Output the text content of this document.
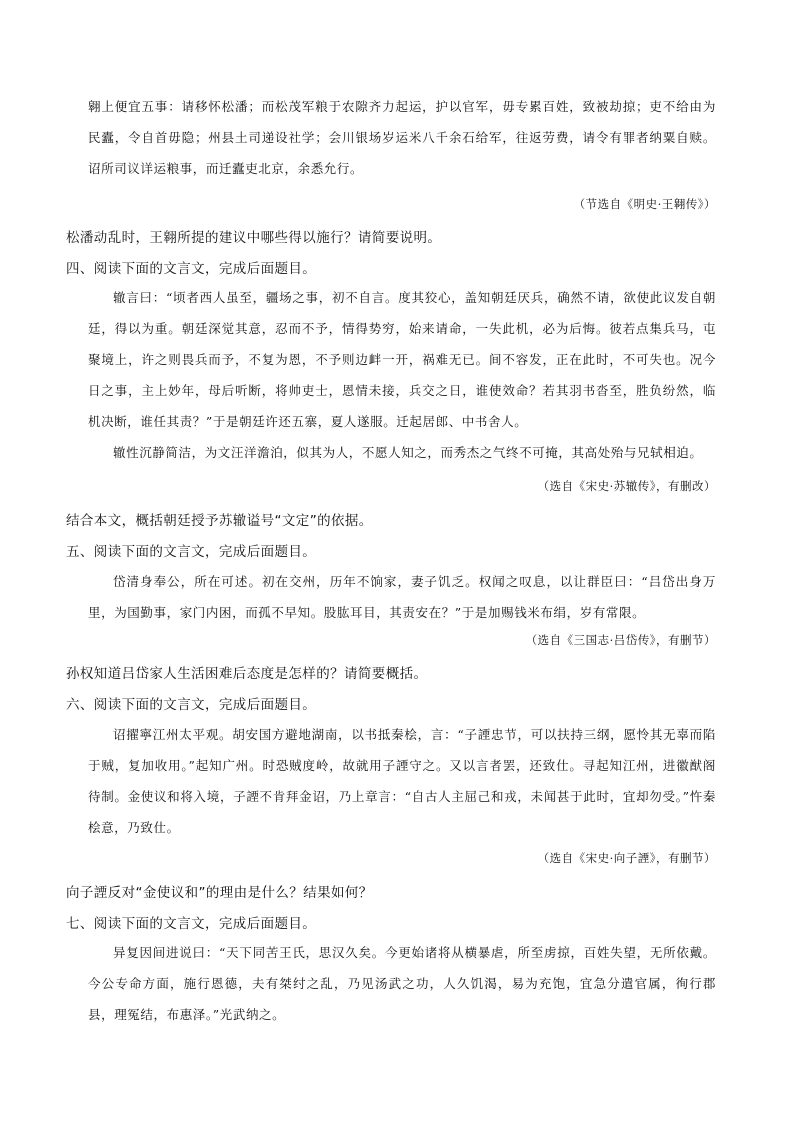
翱上便宜五事：请移怀松潘；而松茂军粮于农隙齐力起运，护以官军，毋专累百姓，致被劫掠；吏不给由为民蠹，令自首毋隐；州县土司递设社学；会川银场岁运米八千余石给军，往返劳费，请令有罪者纳粟自赎。诏所司议详运粮事，而迁蠹吏北京，余悉允行。
（节选自《明史·王翱传》）
松潘动乱时，王翱所提的建议中哪些得以施行？请简要说明。
四、阅读下面的文言文，完成后面题目。
辙言曰：“顷者西人虽至，疆场之事，初不自言。度其狡心，盖知朝廷厌兵，确然不请，欲使此议发自朝廷，得以为重。朝廷深觉其意，忍而不予，情得势穷，始来请命，一失此机，必为后悔。彼若点集兵马，屯聚境上，许之则畏兵而予，不复为恩，不予则边衅一开，祸难无已。间不容发，正在此时，不可失也。况今日之事，主上妙年，母后听断，将帅吏士，恩情未接，兵交之日，谁使效命？若其羽书沓至，胜负纷然，临机决断，谁任其责？”于是朝廷许还五寨，夏人遂服。迁起居郎、中书舍人。
辙性沉静简洁，为文汪洋澹泊，似其为人，不愿人知之，而秀杰之气终不可掩，其高处殆与兄轼相迫。
（选自《宋史·苏辙传》，有删改）
结合本文，概括朝廷授予苏辙谥号“文定”的依据。
五、阅读下面的文言文，完成后面题目。
岱清身奉公，所在可述。初在交州，历年不饷家，妻子饥乏。权闻之叹息，以让群臣曰：“吕岱出身万里，为国勤事，家门内困，而孤不早知。股肱耳目，其责安在？”于是加赐钱米布绢，岁有常限。
（选自《三国志·吕岱传》，有删节）
孙权知道吕岱家人生活困难后态度是怎样的？请简要概括。
六、阅读下面的文言文，完成后面题目。
诏擢寧江州太平观。胡安国方避地湖南，以书抵秦桧，言：“子諲忠节，可以扶持三纲，愿怜其无辜而陷于贼，复加收用。”起知广州。时恐贼度岭，故就用子諲守之。又以言者罢，还致仕。寻起知江州，进徽猷阁待制。金使议和将入境，子諲不肯拜金诏，乃上章言：“自古人主屈己和戎，未闻甚于此时，宜却勿受。”忤秦桧意，乃致仕。
（选自《宋史·向子諲》，有删节）
向子諲反对“金使议和”的理由是什么？结果如何？
七、阅读下面的文言文，完成后面题目。
异复因间进说曰：“天下同苦王氏，思汉久矣。今更始诸将从横暴虐，所至虏掠，百姓失望，无所依戴。今公专命方面，施行恩德，夫有桀纣之乱，乃见汤武之功，人久饥渴，易为充饱，宜急分遣官属，徇行郡县，理冤结，布惠泽。”光武纳之。
